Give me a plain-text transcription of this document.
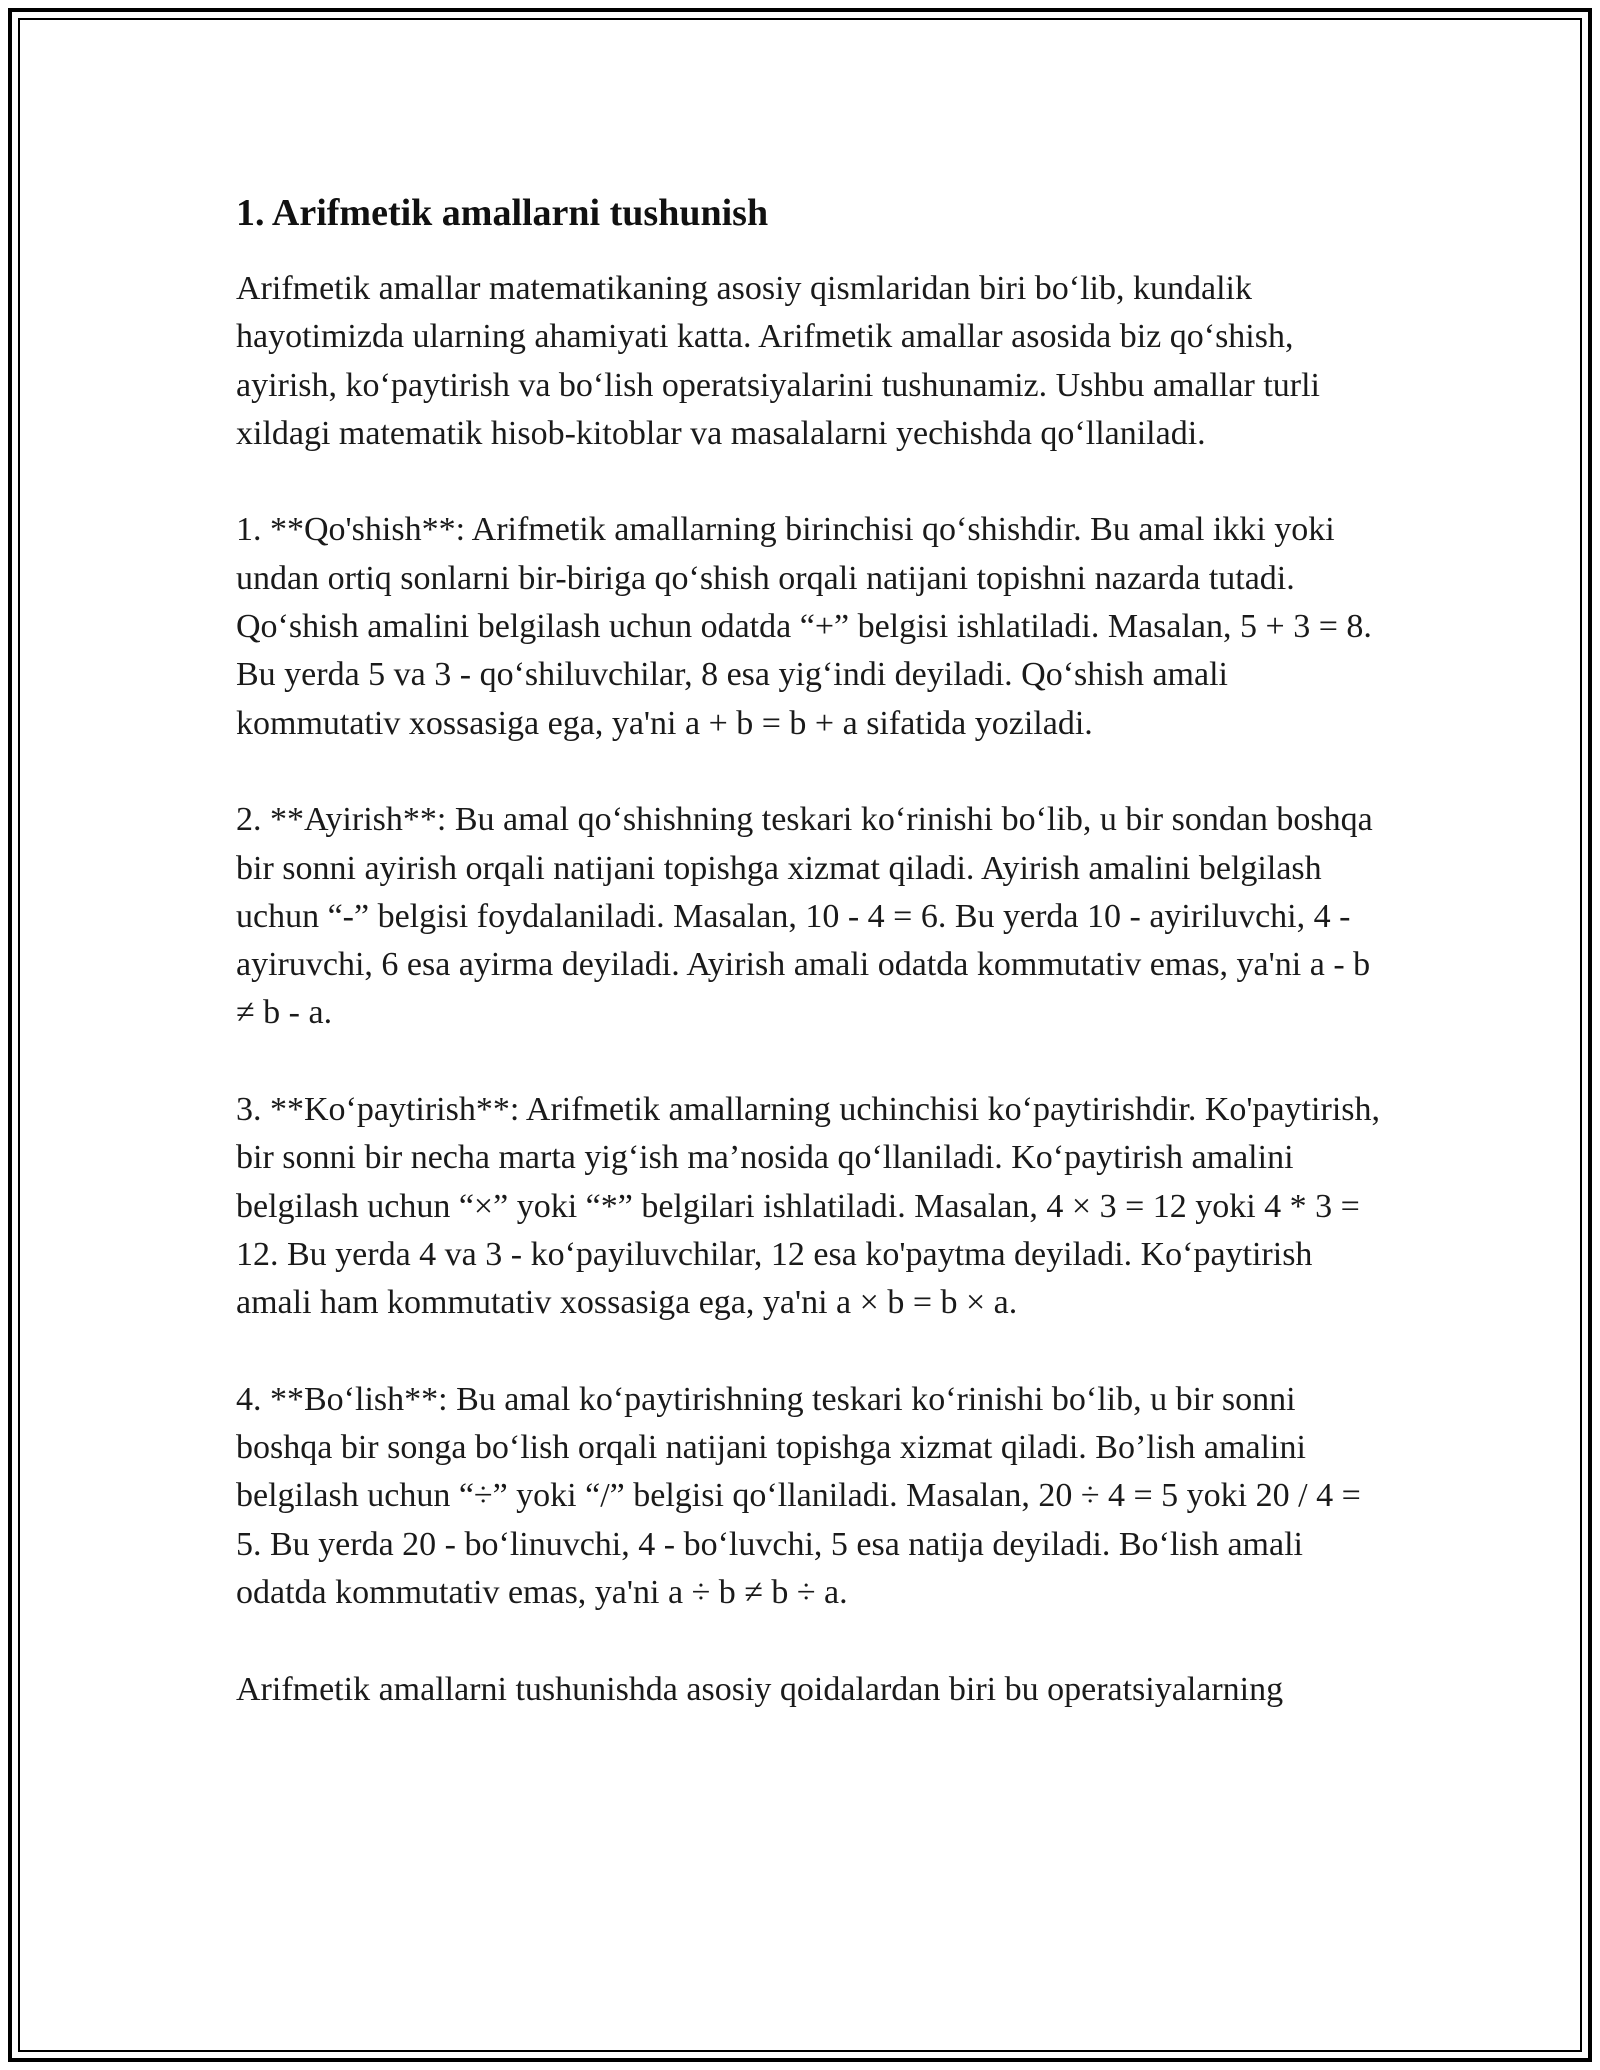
1. Arifmetik amallarni tushunish

Arifmetik amallar matematikaning asosiy qismlaridan biri bo‘lib, kundalik hayotimizda ularning ahamiyati katta. Arifmetik amallar asosida biz qo‘shish, ayirish, ko‘paytirish va bo‘lish operatsiyalarini tushunamiz. Ushbu amallar turli xildagi matematik hisob-kitoblar va masalalarni yechishda qo‘llaniladi.

1. **Qo'shish**: Arifmetik amallarning birinchisi qo‘shishdir. Bu amal ikki yoki undan ortiq sonlarni bir-biriga qo‘shish orqali natijani topishni nazarda tutadi. Qo‘shish amalini belgilash uchun odatda “+” belgisi ishlatiladi. Masalan, 5 + 3 = 8. Bu yerda 5 va 3 - qo‘shiluvchilar, 8 esa yig‘indi deyiladi. Qo‘shish amali kommutativ xossasiga ega, ya'ni a + b = b + a sifatida yoziladi.

2. **Ayirish**: Bu amal qo‘shishning teskari ko‘rinishi bo‘lib, u bir sondan boshqa bir sonni ayirish orqali natijani topishga xizmat qiladi. Ayirish amalini belgilash uchun “-” belgisi foydalaniladi. Masalan, 10 - 4 = 6. Bu yerda 10 - ayiriluvchi, 4 - ayiruvchi, 6 esa ayirma deyiladi. Ayirish amali odatda kommutativ emas, ya'ni a - b ≠ b - a.

3. **Ko‘paytirish**: Arifmetik amallarning uchinchisi ko‘paytirishdir. Ko'paytirish, bir sonni bir necha marta yig‘ish ma’nosida qo‘llaniladi. Ko‘paytirish amalini belgilash uchun “×” yoki “*” belgilari ishlatiladi. Masalan, 4 × 3 = 12 yoki 4 * 3 = 12. Bu yerda 4 va 3 - ko‘payiluvchilar, 12 esa ko'paytma deyiladi. Ko‘paytirish amali ham kommutativ xossasiga ega, ya'ni a × b = b × a.

4. **Bo‘lish**: Bu amal ko‘paytirishning teskari ko‘rinishi bo‘lib, u bir sonni boshqa bir songa bo‘lish orqali natijani topishga xizmat qiladi. Bo’lish amalini belgilash uchun “÷” yoki “/” belgisi qo‘llaniladi. Masalan, 20 ÷ 4 = 5 yoki 20 / 4 = 5. Bu yerda 20 - bo‘linuvchi, 4 - bo‘luvchi, 5 esa natija deyiladi. Bo‘lish amali odatda kommutativ emas, ya'ni a ÷ b ≠ b ÷ a.

Arifmetik amallarni tushunishda asosiy qoidalardan biri bu operatsiyalarning
